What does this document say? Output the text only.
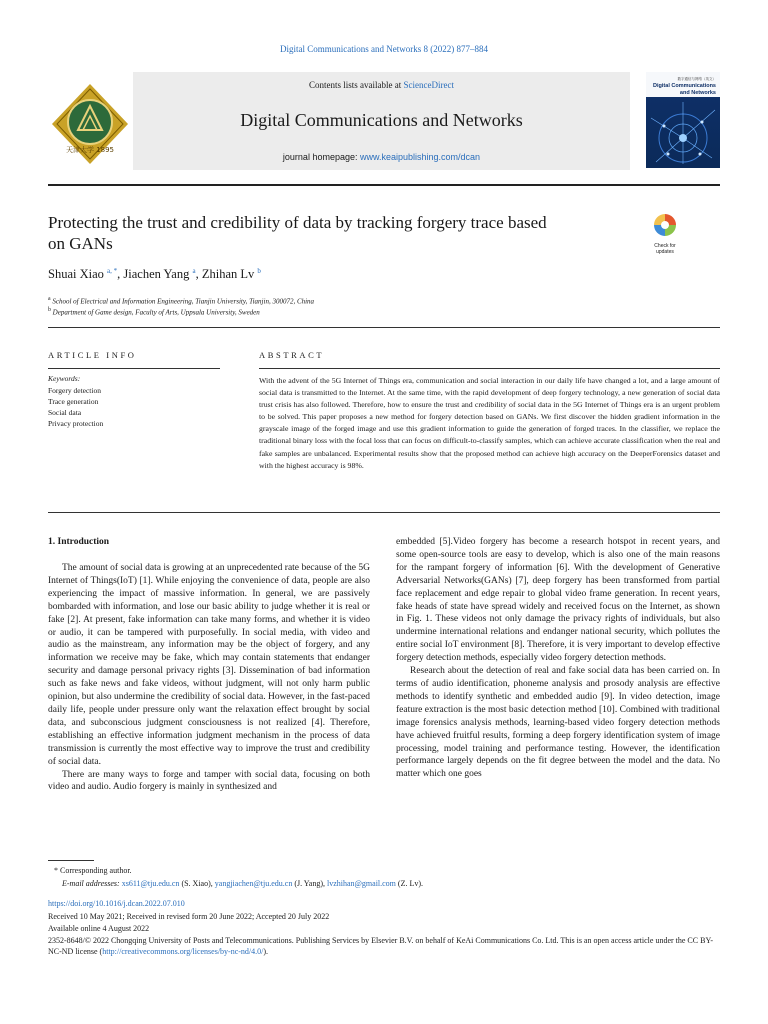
Digital Communications and Networks 8 (2022) 877–884
天津大学 1895
Contents lists available at ScienceDirect
Digital Communications and Networks
journal homepage: www.keaipublishing.com/dcan
数字通信与网络（英文）
Digital Communications
and Networks
Protecting the trust and credibility of data by tracking forgery trace based
on GANs	Check for
updates
Shuai Xiao $^{a, *}$, Jiachen Yang $^a$, Zhihan Lv $^b$
$^a$ School of Electrical and Information Engineering, Tianjin University, Tianjin, 300072, China
$^b$ Department of Game design, Faculty of Arts, Uppsala University, Sweden
ARTICLE INFO
Keywords:
Forgery detection
Trace generation
Social data
Privacy protection
ABSTRACT
With the advent of the 5G Internet of Things era, communication and social interaction in our daily life have changed a lot, and a large amount of social data is transmitted to the Internet. At the same time, with the rapid development of deep forgery technology, a new generation of social data trust crisis has also followed. Therefore, how to ensure the trust and credibility of social data in the 5G Internet of Things era is an urgent problem to be solved. This paper proposes a new method for forgery detection based on GANs. We first discover the hidden gradient information in the grayscale image of the forged image and use this gradient information to guide the generation of forged traces. In the classifier, we replace the traditional binary loss with the focal loss that can focus on difficult-to-classify samples, which can achieve accurate classification when the real and fake samples are unbalanced. Experimental results show that the proposed method can achieve high accuracy on the DeeperForensics dataset and with the highest accuracy is 98%.
1. Introduction

The amount of social data is growing at an unprecedented rate because of the 5G Internet of Things(IoT) [1]. While enjoying the convenience of data, people are also experiencing the impact of massive information. In general, we are passively bombarded with information, and lose our basic ability to judge whether it is real or fake [2]. At present, fake information can take many forms, and whether it is video or audio, it can be tampered with purposefully. In social media, with video and audio as the mainstream, any information may be the object of forgery, and any information we receive may be fake, which may contain statements that endanger security and damage personal privacy rights [3]. Dissemination of bad information such as fake news and fake videos, without judgment, will not only harm public opinion, but also undermine the credibility of social data. However, in the fast-paced daily life, people under pressure only want the relaxation effect brought by social data, and subconscious judgment consciousness is not realized [4]. Therefore, establishing an effective information judgment mechanism in the process of data transmission is currently the most effective way to improve the trust and credibility of social data.

There are many ways to forge and tamper with social data, focusing on both video and audio. Audio forgery is mainly in synthesized and

embedded [5].Video forgery has become a research hotspot in recent years, and some open-source tools are easy to develop, which is also one of the main reasons for the rampant forgery of information [6]. With the development of Generative Adversarial Networks(GANs) [7], deep forgery has been transformed from partial face replacement and edge repair to global video frame generation. In recent years, fake heads of state have spread widely and received focus on the Internet, as shown in Fig. 1. These videos not only damage the privacy rights of individuals, but also undermine international relations and endanger national security, which pollutes the entire social IoT environment [8]. Therefore, it is very important to develop effective forgery detection methods, especially video forgery detection methods.

Research about the detection of real and fake social data has been carried on. In terms of audio identification, phoneme analysis and prosody analysis are effective methods to identify synthetic and embedded audio [9]. In video detection, image feature extraction is the most basic detection method [10]. Combined with traditional image forensics analysis methods, learning-based video forgery detection methods have achieved fruitful results, forming a deep forgery identification system of image processing, model training and performance testing. However, the identification performance largely depends on the fit degree between the model and the data. No matter which one goes

* Corresponding author.
E-mail addresses: xs611@tju.edu.cn (S. Xiao), yangjiachen@tju.edu.cn (J. Yang), lvzhihan@gmail.com (Z. Lv).
https://doi.org/10.1016/j.dcan.2022.07.010
Received 10 May 2021; Received in revised form 20 June 2022; Accepted 20 July 2022
Available online 4 August 2022
2352-8648/© 2022 Chongqing University of Posts and Telecommunications. Publishing Services by Elsevier B.V. on behalf of KeAi Communications Co. Ltd. This is an open access article under the CC BY-NC-ND license (http://creativecommons.org/licenses/by-nc-nd/4.0/).
